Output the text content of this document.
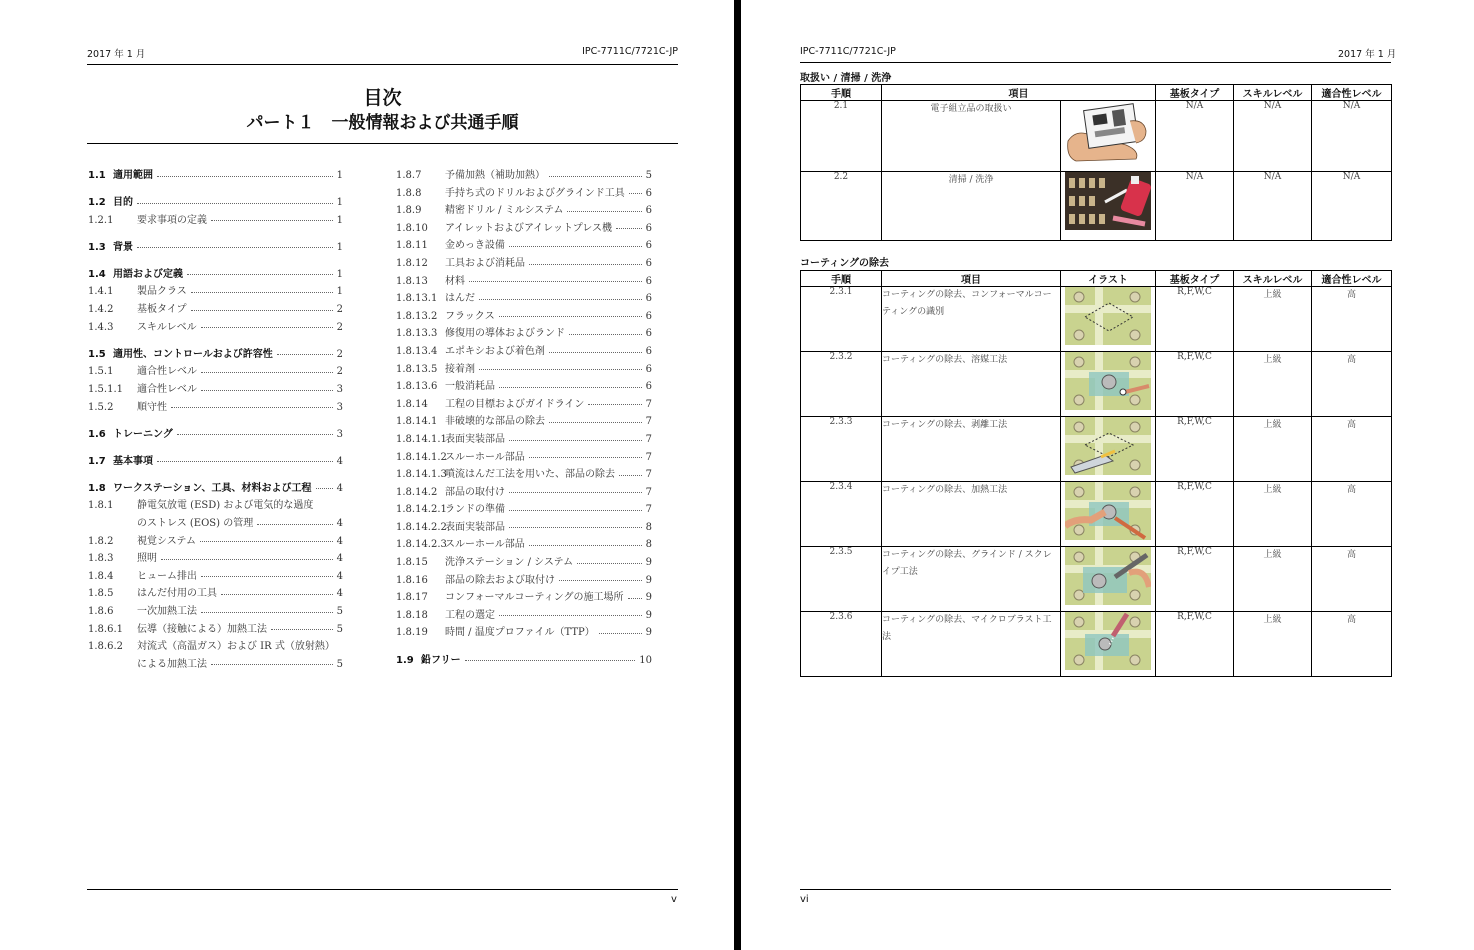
2017 年 1 月	IPC-7711C/7721C-JP
目次
パート１　一般情報および共通手順
1.1 適用範囲	1
1.2 目的	1
1.2.1	要求事項の定義	1
1.3 背景	1
1.4 用語および定義	1
1.4.1	製品クラス	1
1.4.2	基板タイプ	2
1.4.3	スキルレベル	2
1.5 適用性、コントロールおよび許容性	2
1.5.1	適合性レベル	2
1.5.1.1	適合性レベル	3
1.5.2	順守性	3
1.6 トレーニング	3
1.7 基本事項	4
1.8 ワークステーション、工具、材料および工程	4
1.8.1	静電気放電 (ESD) および電気的な過度
のストレス (EOS) の管理	4
1.8.2	視覚システム	4
1.8.3	照明	4
1.8.4	ヒューム排出	4
1.8.5	はんだ付用の工具	4
1.8.6	一次加熱工法	5
1.8.6.1	伝導（接触による）加熱工法	5
1.8.6.2	対流式（高温ガス）および IR 式（放射熱）
による加熱工法	5
1.8.7	予備加熱（補助加熱）	5
1.8.8	手持ち式のドリルおよびグラインド工具 6
1.8.9	精密ドリル / ミルシステム	6
1.8.10	アイレットおよびアイレットプレス機	6
1.8.11	金めっき設備	6
1.8.12	工具および消耗品	6
1.8.13	材料	6
1.8.13.1 はんだ	6
1.8.13.2 フラックス	6
1.8.13.3 修復用の導体およびランド	6
1.8.13.4 エポキシおよび着色剤	6
1.8.13.5 接着剤	6
1.8.13.6 一般消耗品	6
1.8.14	工程の目標およびガイドライン	7
1.8.14.1 非破壊的な部品の除去	7
1.8.14.1.1
表面実装部品	7
1.8.14.1.2
スルーホール部品	7
1.8.14.1.3
噴流はんだ工法を用いた、部品の除去	7
1.8.14.2 部品の取付け	7
1.8.14.2.1
ランドの準備	7
1.8.14.2.2
表面実装部品	8
1.8.14.2.3
スルーホール部品	8
1.8.15	洗浄ステーション / システム	9
1.8.16	部品の除去および取付け	9
1.8.17	コンフォーマルコーティングの施工場所 9
1.8.18	工程の選定	9
1.8.19	時間 / 温度プロファイル（TTP）	9
1.9 鉛フリー	10
v
IPC-7711C/7721C-JP	2017 年 1 月
取扱い / 清掃 / 洗浄
手順	項目		基板タイプ	スキルレベル	適合性レベル
2.1	電子組立品の取扱い		N/A	N/A	N/A
2.2	清掃 / 洗浄		N/A	N/A	N/A
コーティングの除去
手順	項目	イラスト	基板タイプ	スキルレベル	適合性レベル
2.3.1	コーティングの除去、コンフォーマルコーティングの識別		R,F,W,C	上級	高
2.3.2	コーティングの除去、溶媒工法		R,F,W,C	上級	高
2.3.3	コーティングの除去、剥離工法		R,F,W,C	上級	高
2.3.4	コーティングの除去、加熱工法		R,F,W,C	上級	高
2.3.5	コーティングの除去、グラインド / スクレイプ工法		R,F,W,C	上級	高
2.3.6	コーティングの除去、マイクロブラスト工法		R,F,W,C	上級	高
vi
